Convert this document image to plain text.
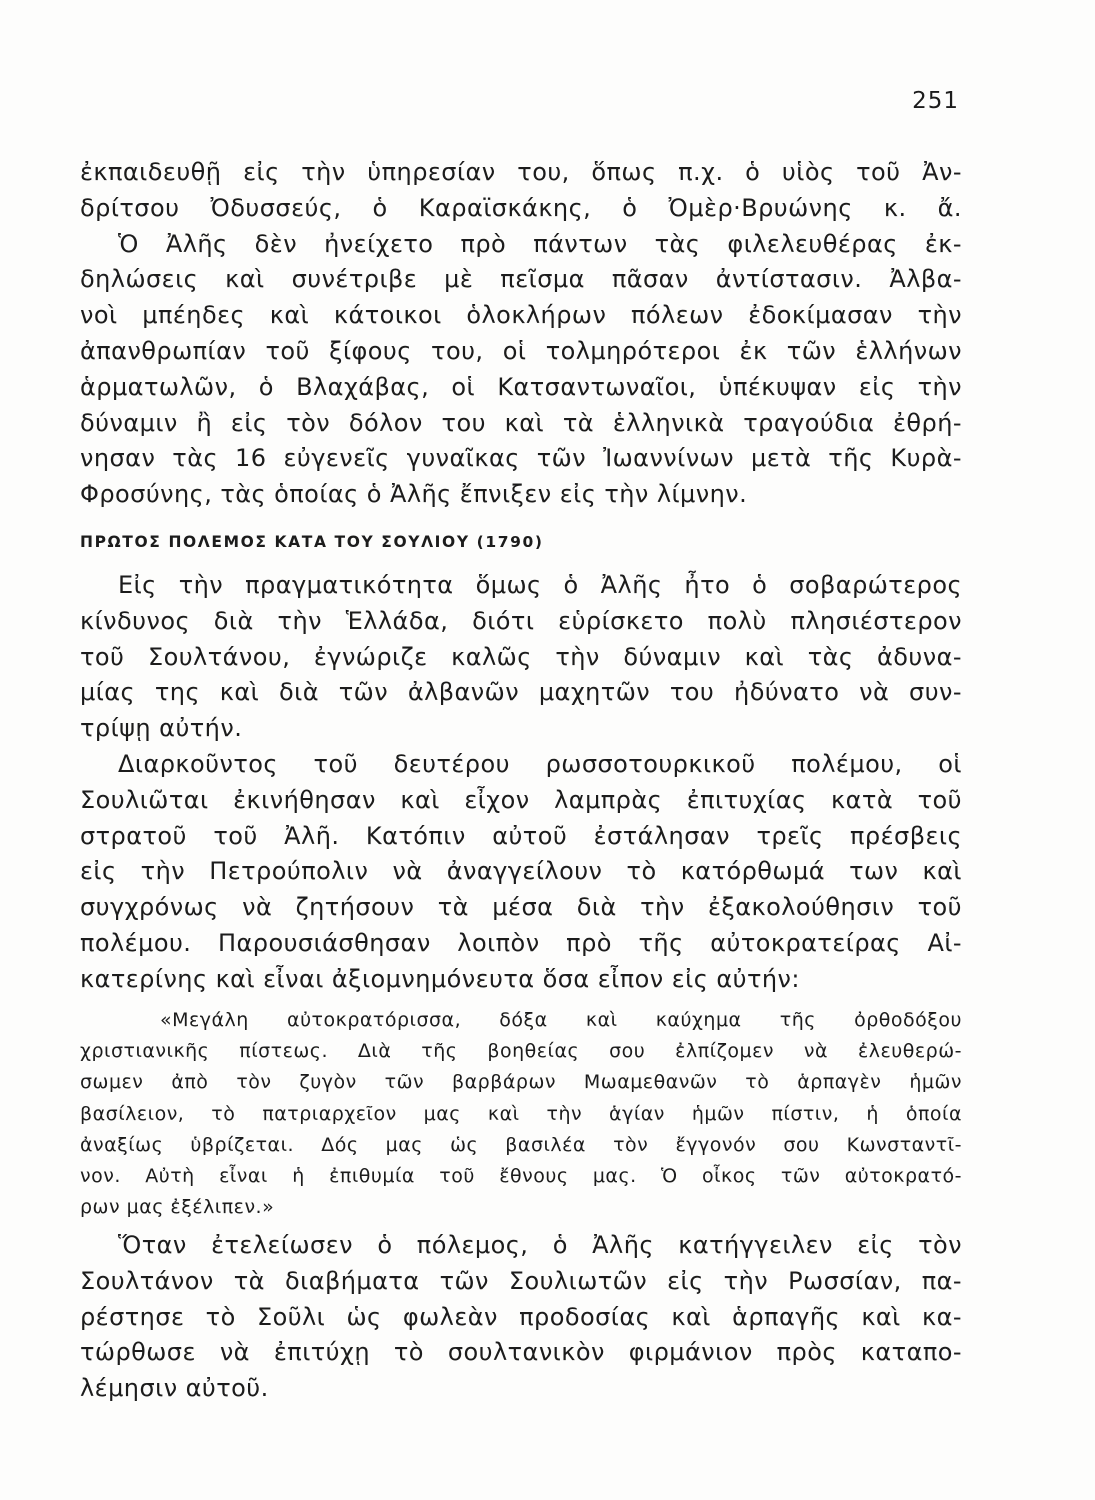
251
ἐκπαιδευθῇ εἰς τὴν ὑπηρεσίαν του, ὅπως π.χ. ὁ υἱὸς τοῦ Ἀν-
δρίτσου Ὀδυσσεύς, ὁ Καραϊσκάκης, ὁ Ὀμὲρ·Βρυώνης κ. ἄ.
Ὁ Ἀλῆς δὲν ἠνείχετο πρὸ πάντων τὰς φιλελευθέρας ἐκ-
δηλώσεις καὶ συνέτριβε μὲ πεῖσμα πᾶσαν ἀντίστασιν. Ἀλβα-
νοὶ μπέηδες καὶ κάτοικοι ὁλοκλήρων πόλεων ἐδοκίμασαν τὴν
ἀπανθρωπίαν τοῦ ξίφους του, οἱ τολμηρότεροι ἐκ τῶν ἑλλήνων
ἁρματωλῶν, ὁ Βλαχάβας, οἱ Κατσαντωναῖοι, ὑπέκυψαν εἰς τὴν
δύναμιν ἢ εἰς τὸν δόλον του καὶ τὰ ἑλληνικὰ τραγούδια ἐθρή-
νησαν τὰς 16 εὐγενεῖς γυναῖκας τῶν Ἰωαννίνων μετὰ τῆς Κυρὰ-
Φροσύνης, τὰς ὁποίας ὁ Ἀλῆς ἔπνιξεν εἰς τὴν λίμνην.
ΠΡΩΤΟΣ ΠΟΛΕΜΟΣ ΚΑΤΑ ΤΟΥ ΣΟΥΛΙΟΥ (1790)
Εἰς τὴν πραγματικότητα ὅμως ὁ Ἀλῆς ἦτο ὁ σοβαρώτερος
κίνδυνος διὰ τὴν Ἑλλάδα, διότι εὑρίσκετο πολὺ πλησιέστερον
τοῦ Σουλτάνου, ἐγνώριζε καλῶς τὴν δύναμιν καὶ τὰς ἀδυνα-
μίας της καὶ διὰ τῶν ἀλβανῶν μαχητῶν του ἠδύνατο νὰ συν-
τρίψῃ αὐτήν.
Διαρκοῦντος τοῦ δευτέρου ρωσσοτουρκικοῦ πολέμου, οἱ
Σουλιῶται ἐκινήθησαν καὶ εἶχον λαμπρὰς ἐπιτυχίας κατὰ τοῦ
στρατοῦ τοῦ Ἀλῆ. Κατόπιν αὐτοῦ ἐστάλησαν τρεῖς πρέσβεις
εἰς τὴν Πετρούπολιν νὰ ἀναγγείλουν τὸ κατόρθωμά των καὶ
συγχρόνως νὰ ζητήσουν τὰ μέσα διὰ τὴν ἐξακολούθησιν τοῦ
πολέμου. Παρουσιάσθησαν λοιπὸν πρὸ τῆς αὐτοκρατείρας Αἰ-
κατερίνης καὶ εἶναι ἀξιομνημόνευτα ὅσα εἶπον εἰς αὐτήν:
«Μεγάλη αὐτοκρατόρισσα, δόξα καὶ καύχημα τῆς ὀρθοδόξου
χριστιανικῆς πίστεως. Διὰ τῆς βοηθείας σου ἐλπίζομεν νὰ ἐλευθερώ-
σωμεν ἀπὸ τὸν ζυγὸν τῶν βαρβάρων Μωαμεθανῶν τὸ ἁρπαγὲν ἡμῶν
βασίλειον, τὸ πατριαρχεῖον μας καὶ τὴν ἁγίαν ἡμῶν πίστιν, ἡ ὁποία
ἀναξίως ὑβρίζεται. Δός μας ὡς βασιλέα τὸν ἔγγονόν σου Κωνσταντῖ-
νον. Αὐτὴ εἶναι ἡ ἐπιθυμία τοῦ ἔθνους μας. Ὁ οἶκος τῶν αὐτοκρατό-
ρων μας ἐξέλιπεν.»
Ὅταν ἐτελείωσεν ὁ πόλεμος, ὁ Ἀλῆς κατήγγειλεν εἰς τὸν
Σουλτάνον τὰ διαβήματα τῶν Σουλιωτῶν εἰς τὴν Ρωσσίαν, πα-
ρέστησε τὸ Σοῦλι ὡς φωλεὰν προδοσίας καὶ ἁρπαγῆς καὶ κα-
τώρθωσε νὰ ἐπιτύχῃ τὸ σουλτανικὸν φιρμάνιον πρὸς καταπο-
λέμησιν αὐτοῦ.
